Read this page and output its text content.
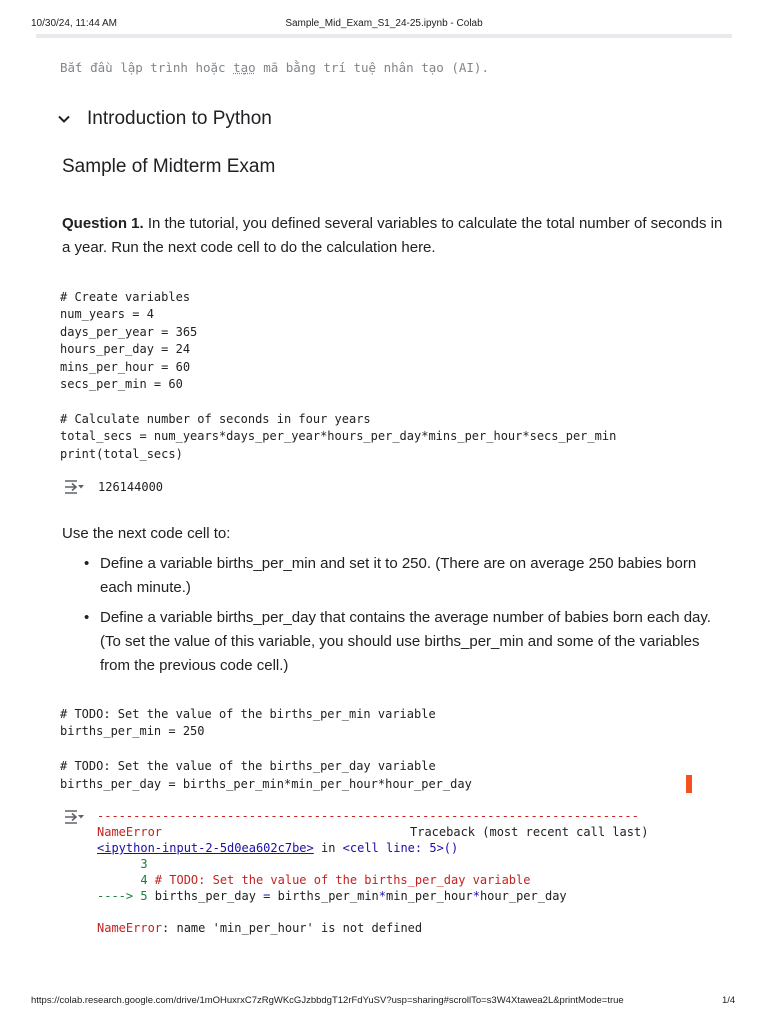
10/30/24, 11:44 AM	Sample_Mid_Exam_S1_24-25.ipynb - Colab
Bắt đầu lập trình hoặc tạo mã bằng trí tuệ nhân tạo (AI).
Introduction to Python
Sample of Midterm Exam
Question 1. In the tutorial, you defined several variables to calculate the total number of seconds in a year. Run the next code cell to do the calculation here.
# Create variables
num_years = 4
days_per_year = 365
hours_per_day = 24
mins_per_hour = 60
secs_per_min = 60

# Calculate number of seconds in four years
total_secs = num_years*days_per_year*hours_per_day*mins_per_hour*secs_per_min
print(total_secs)
126144000
Use the next code cell to:
• Define a variable births_per_min and set it to 250. (There are on average 250 babies born each minute.)
• Define a variable births_per_day that contains the average number of babies born each day. (To set the value of this variable, you should use births_per_min and some of the variables from the previous code cell.)
# TODO: Set the value of the births_per_min variable
births_per_min = 250

# TODO: Set the value of the births_per_day variable
births_per_day = births_per_min*min_per_hour*hour_per_day
---------------------------------------------------------------------------
NameError	Traceback (most recent call last)
<ipython-input-2-5d0ea602c7be> in <cell line: 5>()
3
4 # TODO: Set the value of the births_per_day variable
----> 5 births_per_day = births_per_min*min_per_hour*hour_per_day

NameError: name 'min_per_hour' is not defined
https://colab.research.google.com/drive/1mOHuxrxC7zRgWKcGJzbbdgT12rFdYuSV?usp=sharing#scrollTo=s3W4Xtawea2L&printMode=true	1/4
